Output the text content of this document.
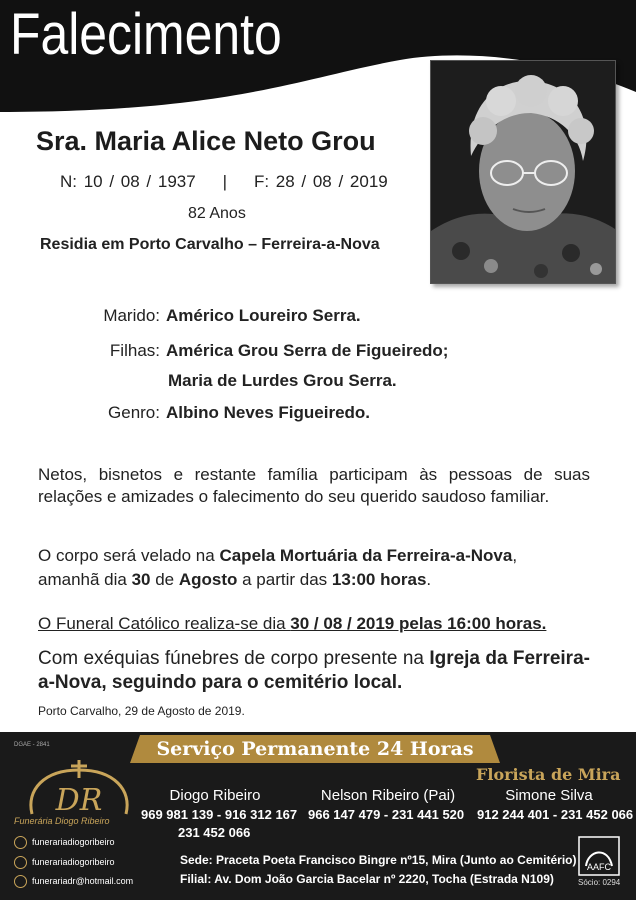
Falecimento
Sra. Maria Alice Neto Grou
N: 10 / 08 / 1937 | F: 28 / 08 / 2019
82 Anos
Residia em Porto Carvalho – Ferreira-a-Nova
Marido: Américo Loureiro Serra.
Filhas: América Grou Serra de Figueiredo;
Maria de Lurdes Grou Serra.
Genro: Albino Neves Figueiredo.
Netos, bisnetos e restante família participam às pessoas de suas relações e amizades o falecimento do seu querido saudoso familiar.
O corpo será velado na Capela Mortuária da Ferreira-a-Nova,
amanhã dia 30 de Agosto a partir das 13:00 horas.
O Funeral Católico realiza-se dia 30 / 08 / 2019 pelas 16:00 horas.
Com exéquias fúnebres de corpo presente na Igreja da Ferreira-a-Nova, seguindo para o cemitério local.
Porto Carvalho, 29 de Agosto de 2019.
Serviço Permanente 24 Horas
DGAE - 2841
Florista de Mira
DR
Funerária Diogo Ribeiro
funerariadiogoribeiro
funerariadiogoribeiro
funerariadr@hotmail.com
Diogo Ribeiro
969 981 139 - 916 312 167
231 452 066
Nelson Ribeiro (Pai)
966 147 479 - 231 441 520
Simone Silva
912 244 401 - 231 452 066
Sede: Praceta Poeta Francisco Bingre nº15, Mira (Junto ao Cemitério)
Filial: Av. Dom João Garcia Bacelar nº 2220, Tocha (Estrada N109)
AAFC
Sócio: 0294
